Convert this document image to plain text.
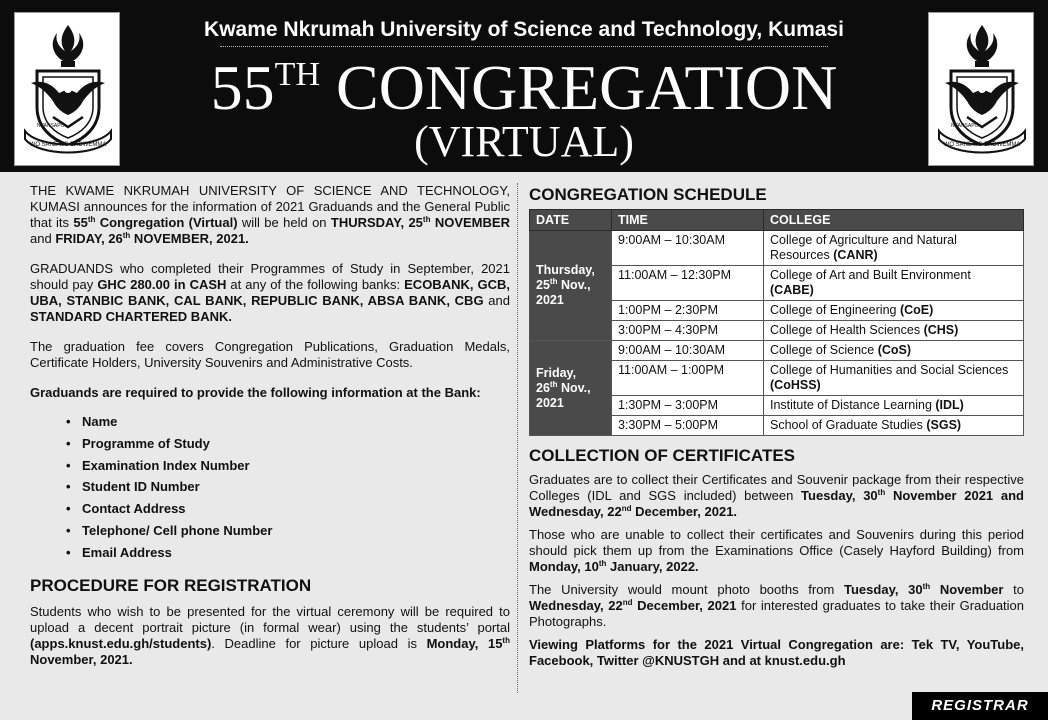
WO SANE NO BADWEMMA
NYANSAPO
Kwame Nkrumah University of Science and Technology, Kumasi
55TH CONGREGATION
(VIRTUAL)	WO SANE NO BADWEMMA
NYANSAPO

THE KWAME NKRUMAH UNIVERSITY OF SCIENCE AND TECHNOLOGY, KUMASI announces for the information of 2021 Graduands and the General Public that its 55th Congregation (Virtual) will be held on THURSDAY, 25th NOVEMBER and FRIDAY, 26th NOVEMBER, 2021.

GRADUANDS who completed their Programmes of Study in September, 2021 should pay GHC 280.00 in CASH at any of the following banks: ECOBANK, GCB, UBA, STANBIC BANK, CAL BANK, REPUBLIC BANK, ABSA BANK, CBG and STANDARD CHARTERED BANK.

The graduation fee covers Congregation Publications, Graduation Medals, Certificate Holders, University Souvenirs and Administrative Costs.

Graduands are required to provide the following information at the Bank:

• Name
• Programme of Study
• Examination Index Number
• Student ID Number
• Contact Address
• Telephone/ Cell phone Number
• Email Address
PROCEDURE FOR REGISTRATION

Students who wish to be presented for the virtual ceremony will be required to upload a decent portrait picture (in formal wear) using the students’ portal (apps.knust.edu.gh/students). Deadline for picture upload is Monday, 15th November, 2021.

CONGREGATION SCHEDULE
DATE	TIME	COLLEGE
Thursday,
25th Nov.,
2021	9:00AM – 10:30AM	College of Agriculture and Natural Resources (CANR)
	11:00AM – 12:30PM	College of Art and Built Environment (CABE)
	1:00PM – 2:30PM	College of Engineering (CoE)
	3:00PM – 4:30PM	College of Health Sciences (CHS)
Friday,
26th Nov.,
2021	9:00AM – 10:30AM	College of Science (CoS)
	11:00AM – 1:00PM	College of Humanities and Social Sciences (CoHSS)
	1:30PM – 3:00PM	Institute of Distance Learning (IDL)
	3:30PM – 5:00PM	School of Graduate Studies (SGS)
COLLECTION OF CERTIFICATES

Graduates are to collect their Certificates and Souvenir package from their respective Colleges (IDL and SGS included) between Tuesday, 30th November 2021 and Wednesday, 22nd December, 2021.

Those who are unable to collect their certificates and Souvenirs during this period should pick them up from the Examinations Office (Casely Hayford Building) from Monday, 10th January, 2022.

The University would mount photo booths from Tuesday, 30th November to Wednesday, 22nd December, 2021 for interested graduates to take their Graduation Photographs.

Viewing Platforms for the 2021 Virtual Congregation are: Tek TV, YouTube, Facebook, Twitter @KNUSTGH and at knust.edu.gh

REGISTRAR
